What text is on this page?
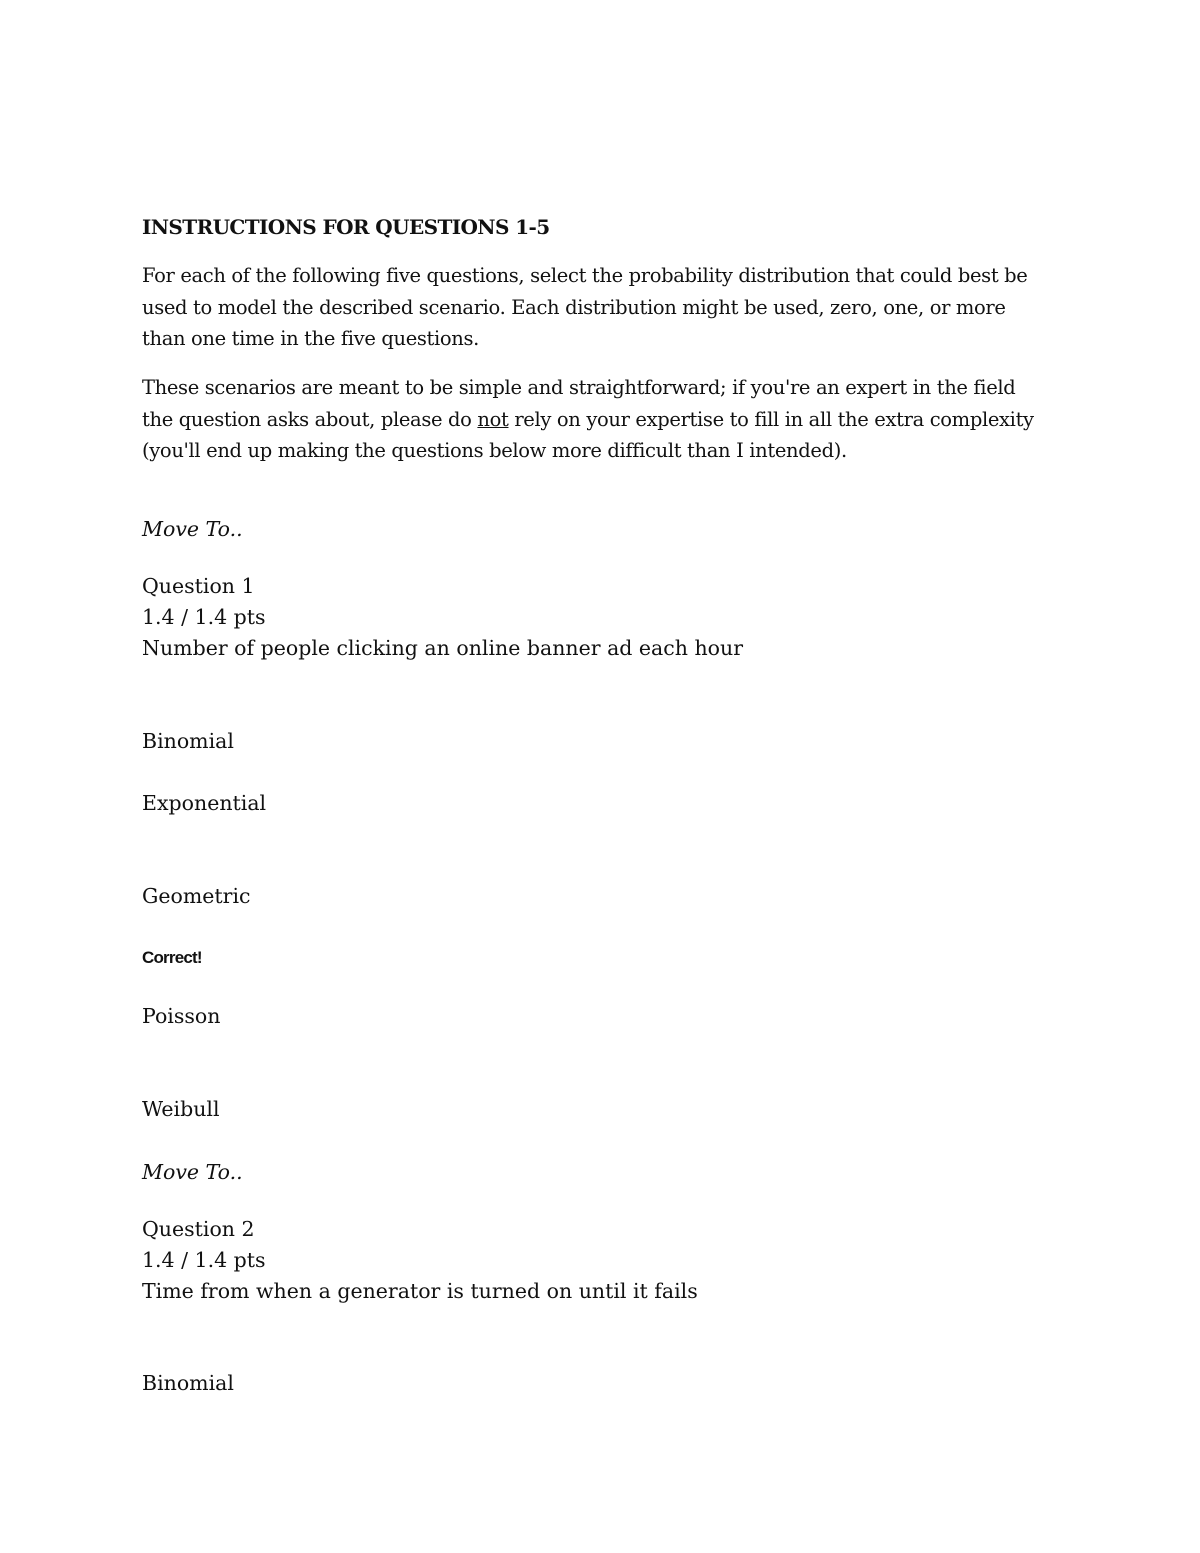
INSTRUCTIONS FOR QUESTIONS 1-5

For each of the following five questions, select the probability distribution that could best be
used to model the described scenario. Each distribution might be used, zero, one, or more
than one time in the five questions.

These scenarios are meant to be simple and straightforward; if you're an expert in the field
the question asks about, please do not rely on your expertise to fill in all the extra complexity
(you'll end up making the questions below more difficult than I intended).

Move To..

Question 1

1.4 / 1.4 pts

Number of people clicking an online banner ad each hour

Binomial

Exponential

Geometric

Correct!

Poisson

Weibull

Move To..

Question 2

1.4 / 1.4 pts

Time from when a generator is turned on until it fails

Binomial
